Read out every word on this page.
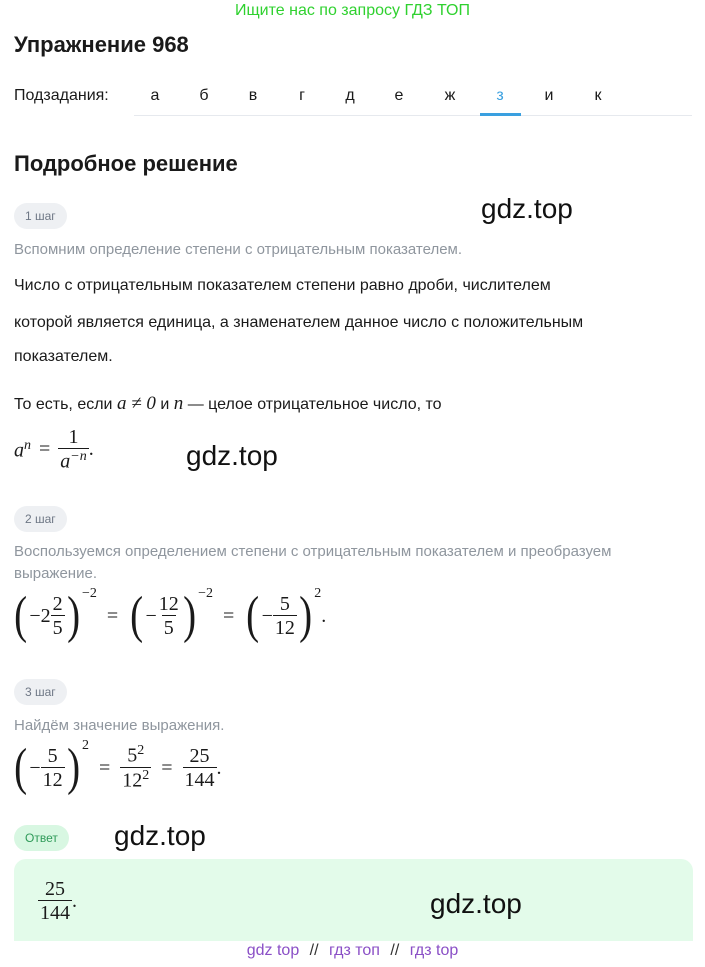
Ищите нас по запросу ГДЗ ТОП
Упражнение 968
Подзадания:	а	б	в	г	д	е	ж	з	и	к
Подробное решение
1 шаг	gdz.top
Вспомним определение степени с отрицательным показателем.
Число с отрицательным показателем степени равно дроби, числителем
которой является единица, а знаменателем данное число с положительным
показателем.
То есть, если a ≠ 0 и n — целое отрицательное число, то
$a^n = \frac{1}{a^{-n}}$ .	gdz.top
2 шаг
Воспользуемся определением степени с отрицательным показателем и преобразуем выражение.
( − $2 \frac{2}{5} )^{-2}$
= ( − $\frac{12}{5} )^{-2}$
= ( − $\frac{5}{12} )^2$
.
3 шаг
Найдём значение выражения.
( − $\frac{5}{12} )^2$
= $\frac{5^2}{12^2} = \frac{25}{144}$ .
Ответ	gdz.top
$\frac{25}{144}$ .	gdz.top
gdz top // гдз топ // гдз top
